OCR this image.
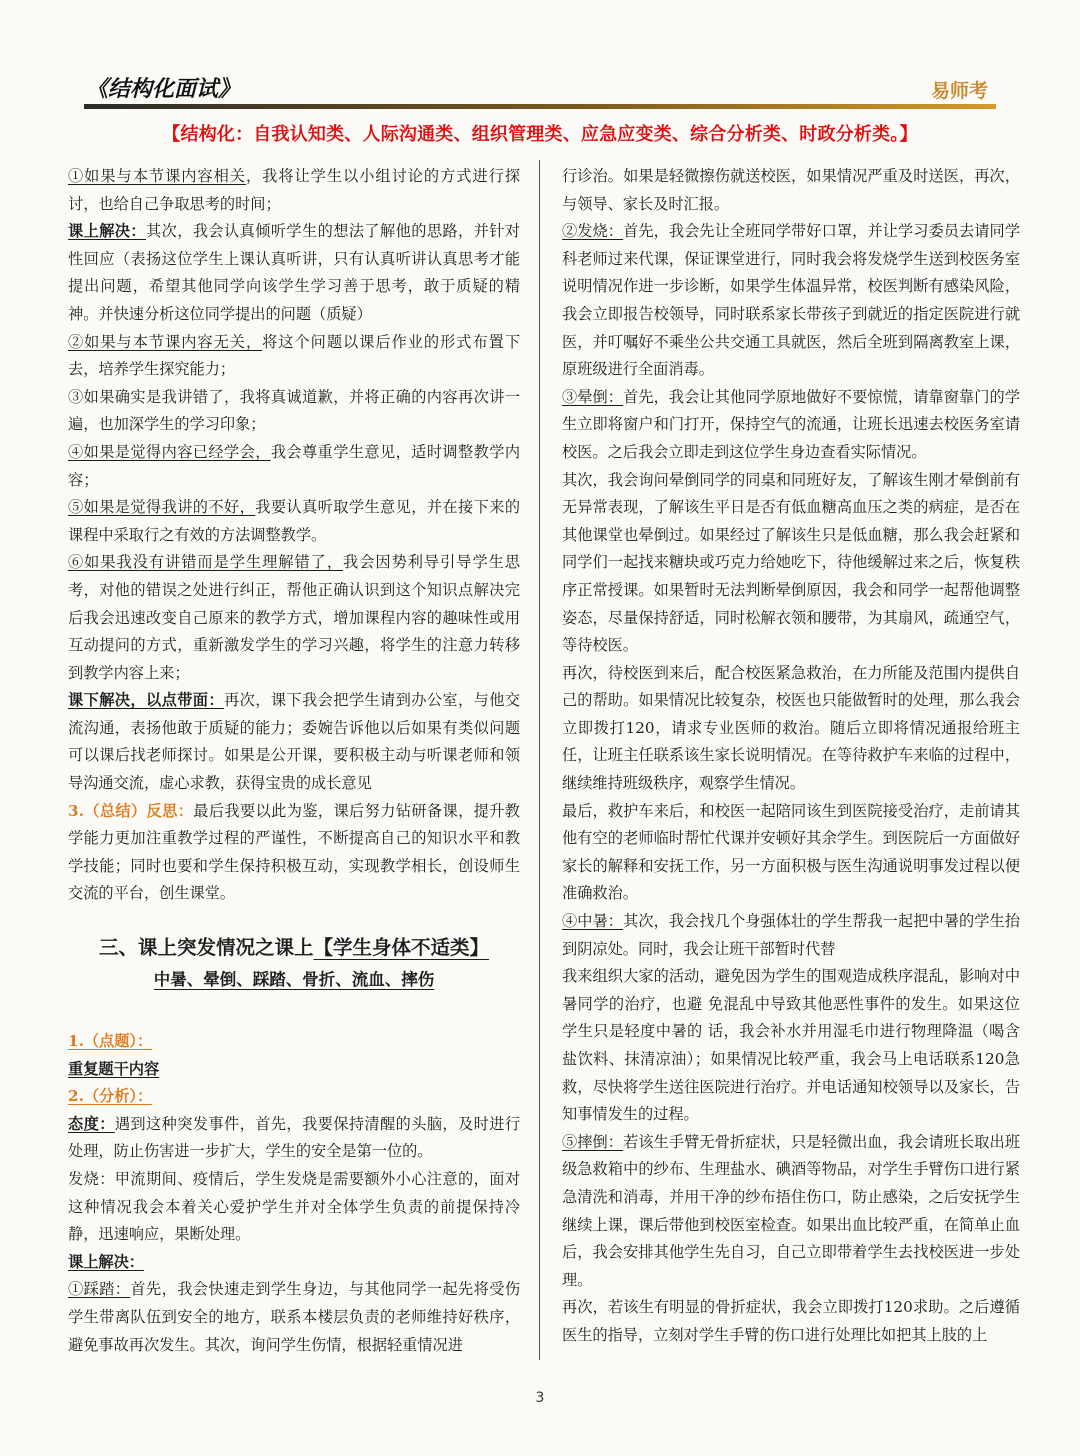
《结构化面试》	易师考
【结构化：自我认知类、人际沟通类、组织管理类、应急应变类、综合分析类、时政分析类。】

①如果与本节课内容相关，我将让学生以小组讨论的方式进行探讨，也给自己争取思考的时间；

课上解决：其次，我会认真倾听学生的想法了解他的思路，并针对性回应（表扬这位学生上课认真听讲，只有认真听讲认真思考才能提出问题，希望其他同学向该学生学习善于思考，敢于质疑的精神。并快速分析这位同学提出的问题（质疑）

②如果与本节课内容无关，将这个问题以课后作业的形式布置下去，培养学生探究能力；

③如果确实是我讲错了，我将真诚道歉，并将正确的内容再次讲一遍，也加深学生的学习印象；

④如果是觉得内容已经学会，我会尊重学生意见，适时调整教学内容；

⑤如果是觉得我讲的不好，我要认真听取学生意见，并在接下来的课程中采取行之有效的方法调整教学。

⑥如果我没有讲错而是学生理解错了，我会因势利导引导学生思考，对他的错误之处进行纠正，帮他正确认识到这个知识点解决完后我会迅速改变自己原来的教学方式，增加课程内容的趣味性或用互动提问的方式，重新激发学生的学习兴趣，将学生的注意力转移到教学内容上来；

课下解决，以点带面：再次，课下我会把学生请到办公室，与他交流沟通，表扬他敢于质疑的能力；委婉告诉他以后如果有类似问题可以课后找老师探讨。如果是公开课，要积极主动与听课老师和领导沟通交流，虚心求教，获得宝贵的成长意见

3.（总结）反思：最后我要以此为鉴，课后努力钻研备课，提升教学能力更加注重教学过程的严谨性，不断提高自己的知识水平和教学技能；同时也要和学生保持积极互动，实现教学相长，创设师生交流的平台，创生课堂。

三、课上突发情况之课上【学生身体不适类】
中暑、晕倒、踩踏、骨折、流血、摔伤

1.（点题）：

重复题干内容

2.（分析）：

态度：遇到这种突发事件，首先，我要保持清醒的头脑，及时进行处理，防止伤害进一步扩大，学生的安全是第一位的。

发烧：甲流期间、疫情后，学生发烧是需要额外小心注意的，面对这种情况我会本着关心爱护学生并对全体学生负责的前提保持冷静，迅速响应，果断处理。

课上解决：

①踩踏：首先，我会快速走到学生身边，与其他同学一起先将受伤学生带离队伍到安全的地方，联系本楼层负责的老师维持好秩序，避免事故再次发生。其次，询问学生伤情，根据轻重情况进

行诊治。如果是轻微擦伤就送校医，如果情况严重及时送医，再次，与领导、家长及时汇报。

②发烧：首先，我会先让全班同学带好口罩，并让学习委员去请同学科老师过来代课，保证课堂进行，同时我会将发烧学生送到校医务室说明情况作进一步诊断，如果学生体温异常，校医判断有感染风险，我会立即报告校领导，同时联系家长带孩子到就近的指定医院进行就医，并叮嘱好不乘坐公共交通工具就医，然后全班到隔离教室上课，原班级进行全面消毒。

③晕倒：首先，我会让其他同学原地做好不要惊慌，请靠窗靠门的学生立即将窗户和门打开，保持空气的流通，让班长迅速去校医务室请校医。之后我会立即走到这位学生身边查看实际情况。

其次，我会询问晕倒同学的同桌和同班好友，了解该生刚才晕倒前有无异常表现，了解该生平日是否有低血糖高血压之类的病症，是否在其他课堂也晕倒过。如果经过了解该生只是低血糖，那么我会赶紧和同学们一起找来糖块或巧克力给她吃下，待他缓解过来之后，恢复秩序正常授课。如果暂时无法判断晕倒原因，我会和同学一起帮他调整姿态，尽量保持舒适，同时松解衣领和腰带，为其扇风，疏通空气，等待校医。

再次，待校医到来后，配合校医紧急救治，在力所能及范围内提供自己的帮助。如果情况比较复杂，校医也只能做暂时的处理，那么我会立即拨打120，请求专业医师的救治。随后立即将情况通报给班主任，让班主任联系该生家长说明情况。在等待救护车来临的过程中，继续维持班级秩序，观察学生情况。

最后，救护车来后，和校医一起陪同该生到医院接受治疗，走前请其他有空的老师临时帮忙代课并安顿好其余学生。到医院后一方面做好家长的解释和安抚工作，另一方面积极与医生沟通说明事发过程以便准确救治。

④中暑：其次，我会找几个身强体壮的学生帮我一起把中暑的学生抬到阴凉处。同时，我会让班干部暂时代替

我来组织大家的活动，避免因为学生的围观造成秩序混乱，影响对中暑同学的治疗，也避 免混乱中导致其他恶性事件的发生。如果这位学生只是轻度中暑的 话，我会补水并用湿毛巾进行物理降温（喝含盐饮料、抹清凉油）；如果情况比较严重，我会马上电话联系120急救，尽快将学生送往医院进行治疗。并电话通知校领导以及家长，告知事情发生的过程。

⑤摔倒：若该生手臂无骨折症状，只是轻微出血，我会请班长取出班级急救箱中的纱布、生理盐水、碘酒等物品，对学生手臂伤口进行紧急清洗和消毒，并用干净的纱布捂住伤口，防止感染，之后安抚学生继续上课，课后带他到校医室检查。如果出血比较严重，在简单止血后，我会安排其他学生先自习，自己立即带着学生去找校医进一步处理。

再次，若该生有明显的骨折症状，我会立即拨打120求助。之后遵循医生的指导，立刻对学生手臂的伤口进行处理比如把其上肢的上

3
